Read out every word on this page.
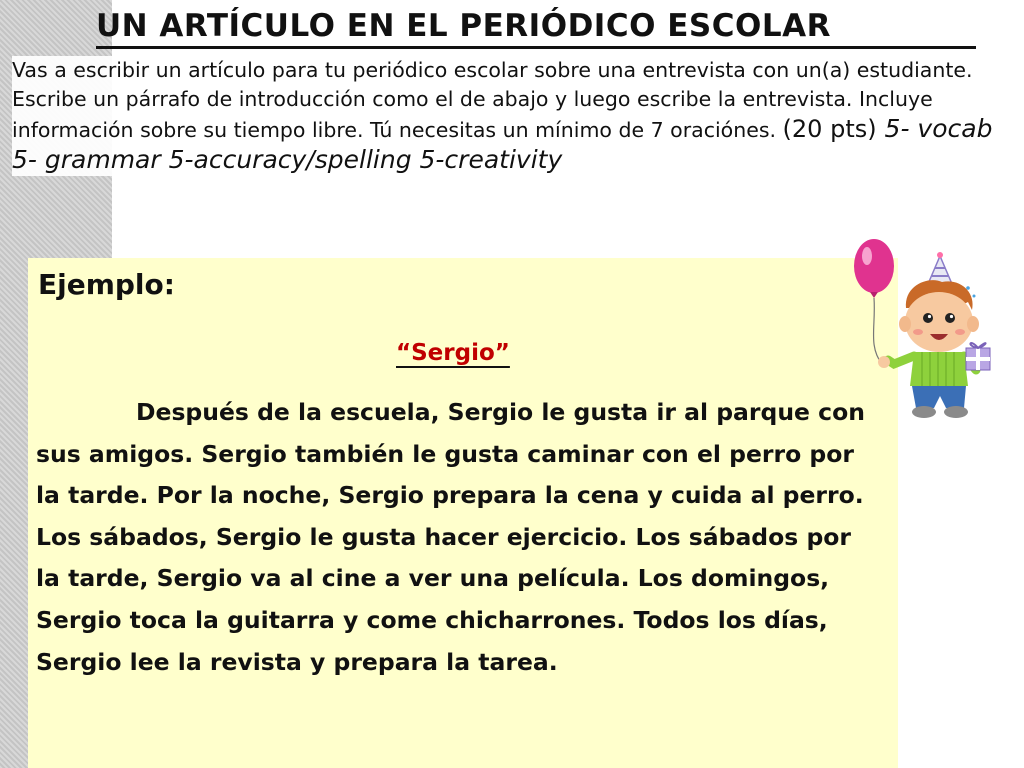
UN ARTÍCULO EN EL PERIÓDICO ESCOLAR
Vas a escribir un artículo para tu periódico escolar sobre una entrevista con un(a) estudiante. Escribe un párrafo de introducción como el de abajo y luego escribe la entrevista. Incluye información sobre su tiempo libre. Tú necesitas un mínimo de 7 oraciónes. (20 pts) 5- vocab 5- grammar 5-accuracy/spelling 5-creativity
Ejemplo:
“Sergio”

Después de la escuela, Sergio le gusta ir al parque con sus amigos. Sergio también le gusta caminar con el perro por la tarde. Por la noche, Sergio prepara la cena y cuida al perro. Los sábados, Sergio le gusta hacer ejercicio. Los sábados por la tarde, Sergio va al cine a ver una película. Los domingos, Sergio toca la guitarra y come chicharrones. Todos los días, Sergio lee la revista y prepara la tarea.
